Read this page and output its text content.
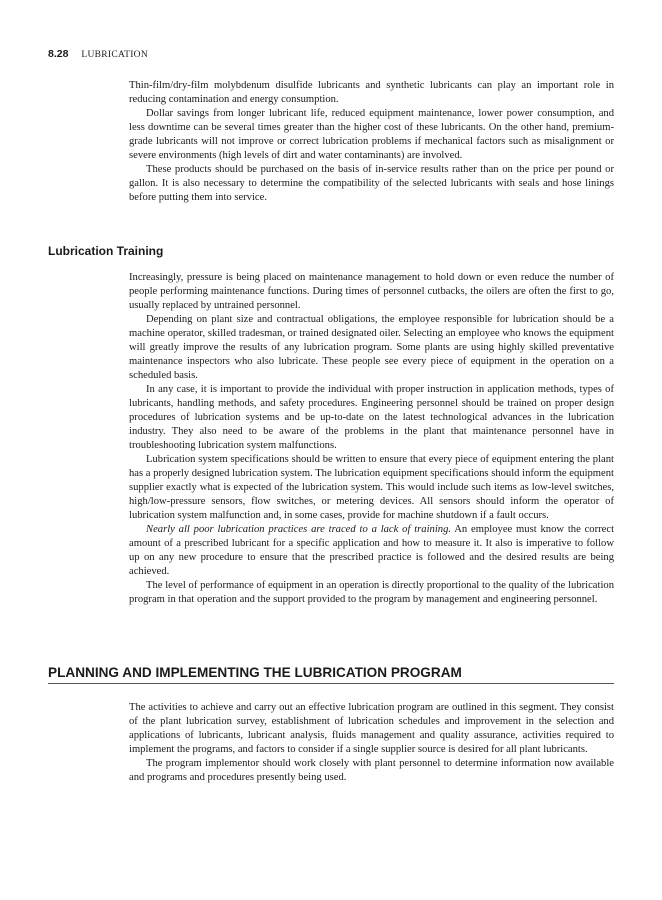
8.28 LUBRICATION

Thin-film/dry-film molybdenum disulfide lubricants and synthetic lubricants can play an important role in reducing contamination and energy consumption.

Dollar savings from longer lubricant life, reduced equipment maintenance, lower power consumption, and less downtime can be several times greater than the higher cost of these lubricants. On the other hand, premium-grade lubricants will not improve or correct lubrication problems if mechanical factors such as misalignment or severe environments (high levels of dirt and water contaminants) are involved.

These products should be purchased on the basis of in-service results rather than on the price per pound or gallon. It is also necessary to determine the compatibility of the selected lubricants with seals and hose linings before putting them into service.

Lubrication Training

Increasingly, pressure is being placed on maintenance management to hold down or even reduce the number of people performing maintenance functions. During times of personnel cutbacks, the oilers are often the first to go, usually replaced by untrained personnel.

Depending on plant size and contractual obligations, the employee responsible for lubrication should be a machine operator, skilled tradesman, or trained designated oiler. Selecting an employee who knows the equipment will greatly improve the results of any lubrication program. Some plants are using highly skilled preventative maintenance inspectors who also lubricate. These people see every piece of equipment in the operation on a scheduled basis.

In any case, it is important to provide the individual with proper instruction in application methods, types of lubricants, handling methods, and safety procedures. Engineering personnel should be trained on proper design procedures of lubrication systems and be up-to-date on the latest technological advances in the lubrication industry. They also need to be aware of the problems in the plant that maintenance personnel have in troubleshooting lubrication system malfunctions.

Lubrication system specifications should be written to ensure that every piece of equipment entering the plant has a properly designed lubrication system. The lubrication equipment specifications should inform the equipment supplier exactly what is expected of the lubrication system. This would include such items as low-level switches, high/low-pressure sensors, flow switches, or metering devices. All sensors should inform the operator of lubrication system malfunction and, in some cases, provide for machine shutdown if a fault occurs.

Nearly all poor lubrication practices are traced to a lack of training. An employee must know the correct amount of a prescribed lubricant for a specific application and how to measure it. It also is imperative to follow up on any new procedure to ensure that the prescribed practice is followed and the desired results are being achieved.

The level of performance of equipment in an operation is directly proportional to the quality of the lubrication program in that operation and the support provided to the program by management and engineering personnel.

PLANNING AND IMPLEMENTING THE LUBRICATION PROGRAM

The activities to achieve and carry out an effective lubrication program are outlined in this segment. They consist of the plant lubrication survey, establishment of lubrication schedules and improvement in the selection and applications of lubricants, lubricant analysis, fluids management and quality assurance, activities required to implement the programs, and factors to consider if a single supplier source is desired for all plant lubricants.

The program implementor should work closely with plant personnel to determine information now available and programs and procedures presently being used.
